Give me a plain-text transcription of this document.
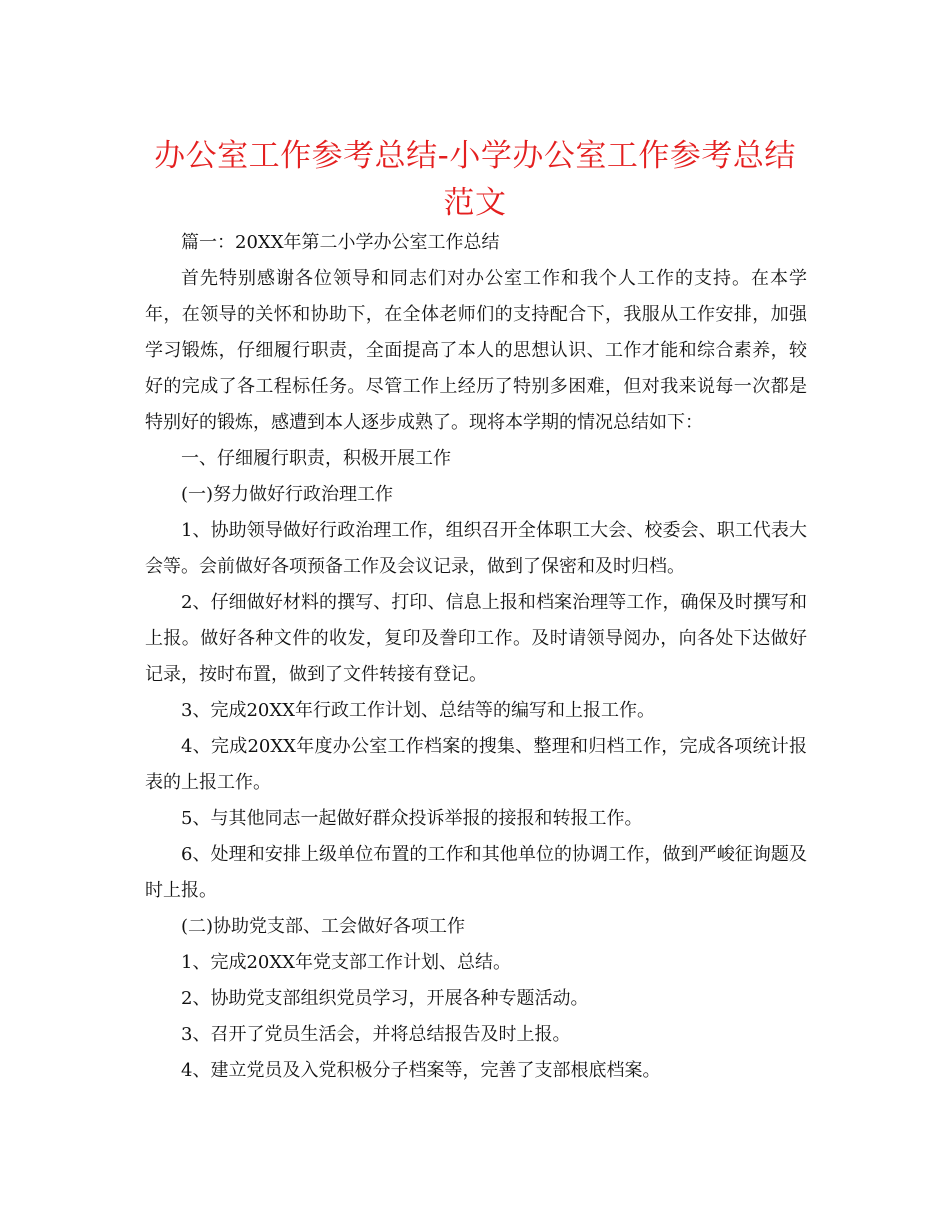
办公室工作参考总结-小学办公室工作参考总结范文

篇一：20XX年第二小学办公室工作总结

首先特别感谢各位领导和同志们对办公室工作和我个人工作的支持。在本学年，在领导的关怀和协助下，在全体老师们的支持配合下，我服从工作安排，加强学习锻炼，仔细履行职责，全面提高了本人的思想认识、工作才能和综合素养，较好的完成了各工程标任务。尽管工作上经历了特别多困难，但对我来说每一次都是特别好的锻炼，感遭到本人逐步成熟了。现将本学期的情况总结如下：

一、仔细履行职责，积极开展工作

(一)努力做好行政治理工作

1、协助领导做好行政治理工作，组织召开全体职工大会、校委会、职工代表大会等。会前做好各项预备工作及会议记录，做到了保密和及时归档。

2、仔细做好材料的撰写、打印、信息上报和档案治理等工作，确保及时撰写和上报。做好各种文件的收发，复印及誊印工作。及时请领导阅办，向各处下达做好记录，按时布置，做到了文件转接有登记。

3、完成20XX年行政工作计划、总结等的编写和上报工作。

4、完成20XX年度办公室工作档案的搜集、整理和归档工作，完成各项统计报表的上报工作。

5、与其他同志一起做好群众投诉举报的接报和转报工作。

6、处理和安排上级单位布置的工作和其他单位的协调工作，做到严峻征询题及时上报。

(二)协助党支部、工会做好各项工作

1、完成20XX年党支部工作计划、总结。

2、协助党支部组织党员学习，开展各种专题活动。

3、召开了党员生活会，并将总结报告及时上报。

4、建立党员及入党积极分子档案等，完善了支部根底档案。
